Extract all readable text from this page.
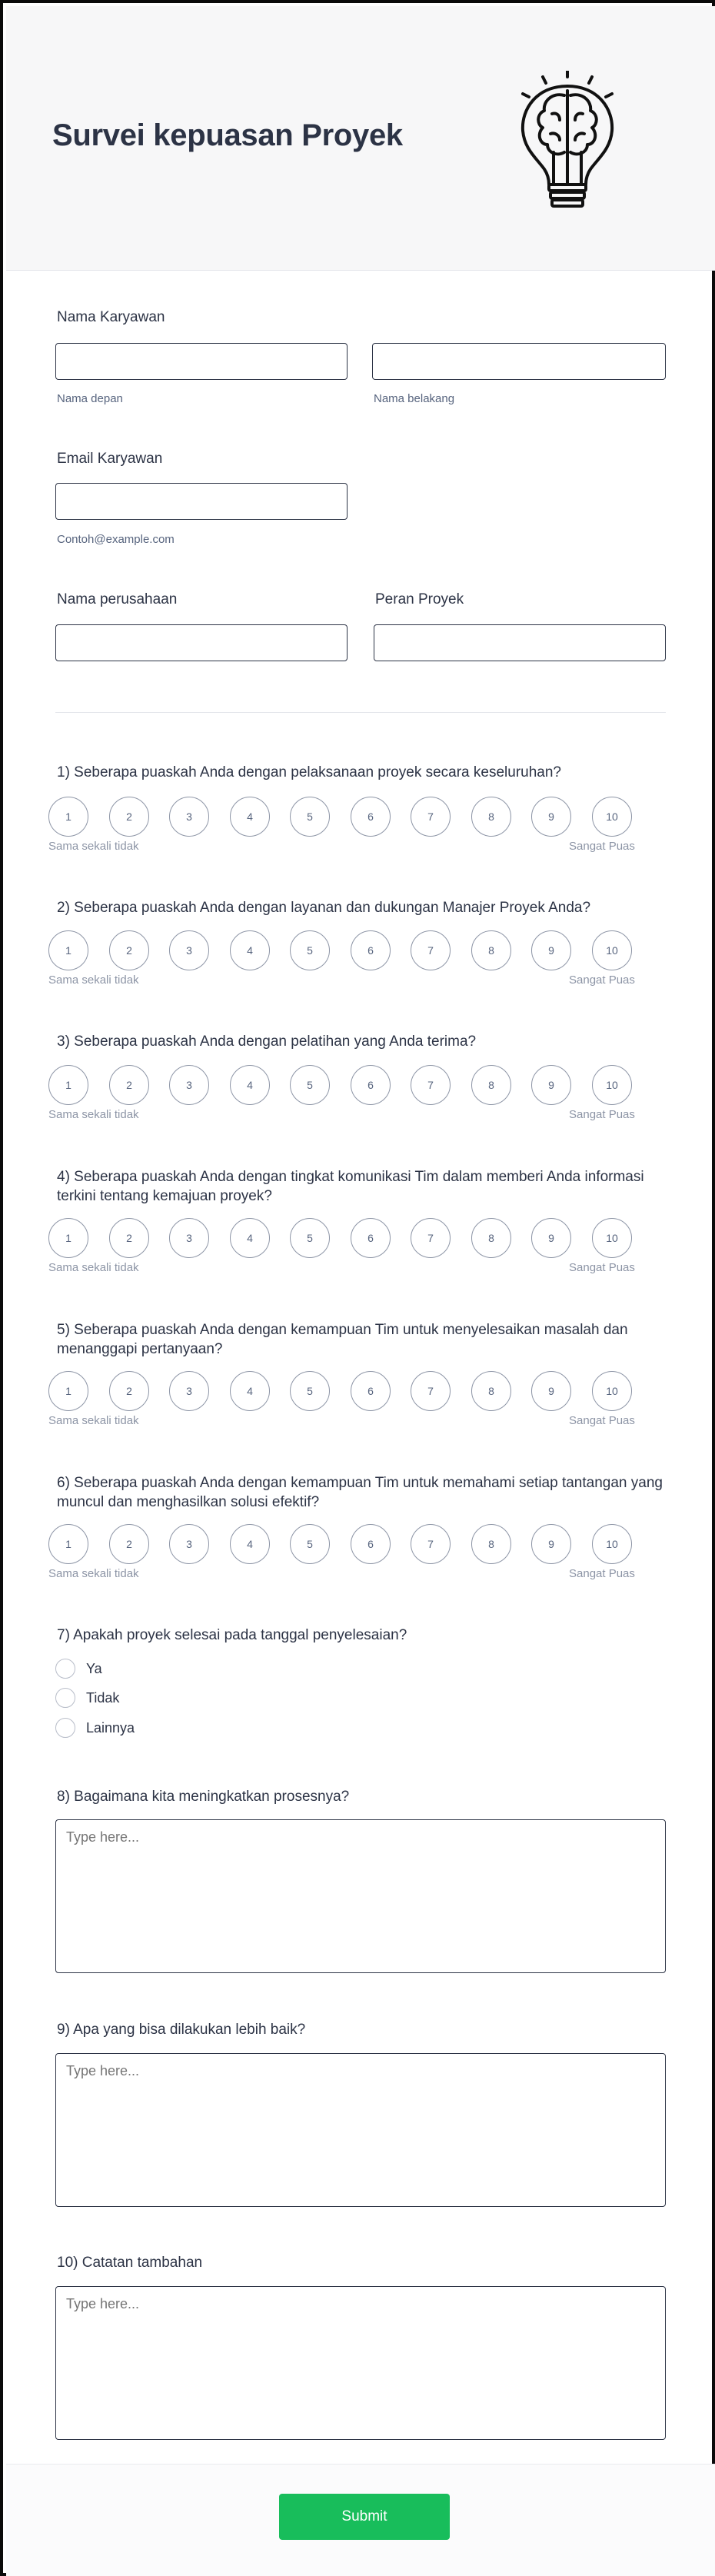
Survei kepuasan Proyek
Nama Karyawan
Nama depan	Nama belakang
Email Karyawan
Contoh@example.com
Nama perusahaan	Peran Proyek
1) Seberapa puaskah Anda dengan pelaksanaan proyek secara keseluruhan?
1	2	3	4	5	6	7	8	9	10
Sama sekali tidak	Sangat Puas
2) Seberapa puaskah Anda dengan layanan dan dukungan Manajer Proyek Anda?
1	2	3	4	5	6	7	8	9	10
Sama sekali tidak	Sangat Puas
3) Seberapa puaskah Anda dengan pelatihan yang Anda terima?
1	2	3	4	5	6	7	8	9	10
Sama sekali tidak	Sangat Puas
4) Seberapa puaskah Anda dengan tingkat komunikasi Tim dalam memberi Anda informasi terkini tentang kemajuan proyek?
1	2	3	4	5	6	7	8	9	10
Sama sekali tidak	Sangat Puas
5) Seberapa puaskah Anda dengan kemampuan Tim untuk menyelesaikan masalah dan menanggapi pertanyaan?
1	2	3	4	5	6	7	8	9	10
Sama sekali tidak	Sangat Puas
6) Seberapa puaskah Anda dengan kemampuan Tim untuk memahami setiap tantangan yang muncul dan menghasilkan solusi efektif?
1	2	3	4	5	6	7	8	9	10
Sama sekali tidak	Sangat Puas
7) Apakah proyek selesai pada tanggal penyelesaian?
Ya
Tidak
Lainnya
8) Bagaimana kita meningkatkan prosesnya?
Type here...
9) Apa yang bisa dilakukan lebih baik?
Type here...
10) Catatan tambahan
Type here...
Submit
